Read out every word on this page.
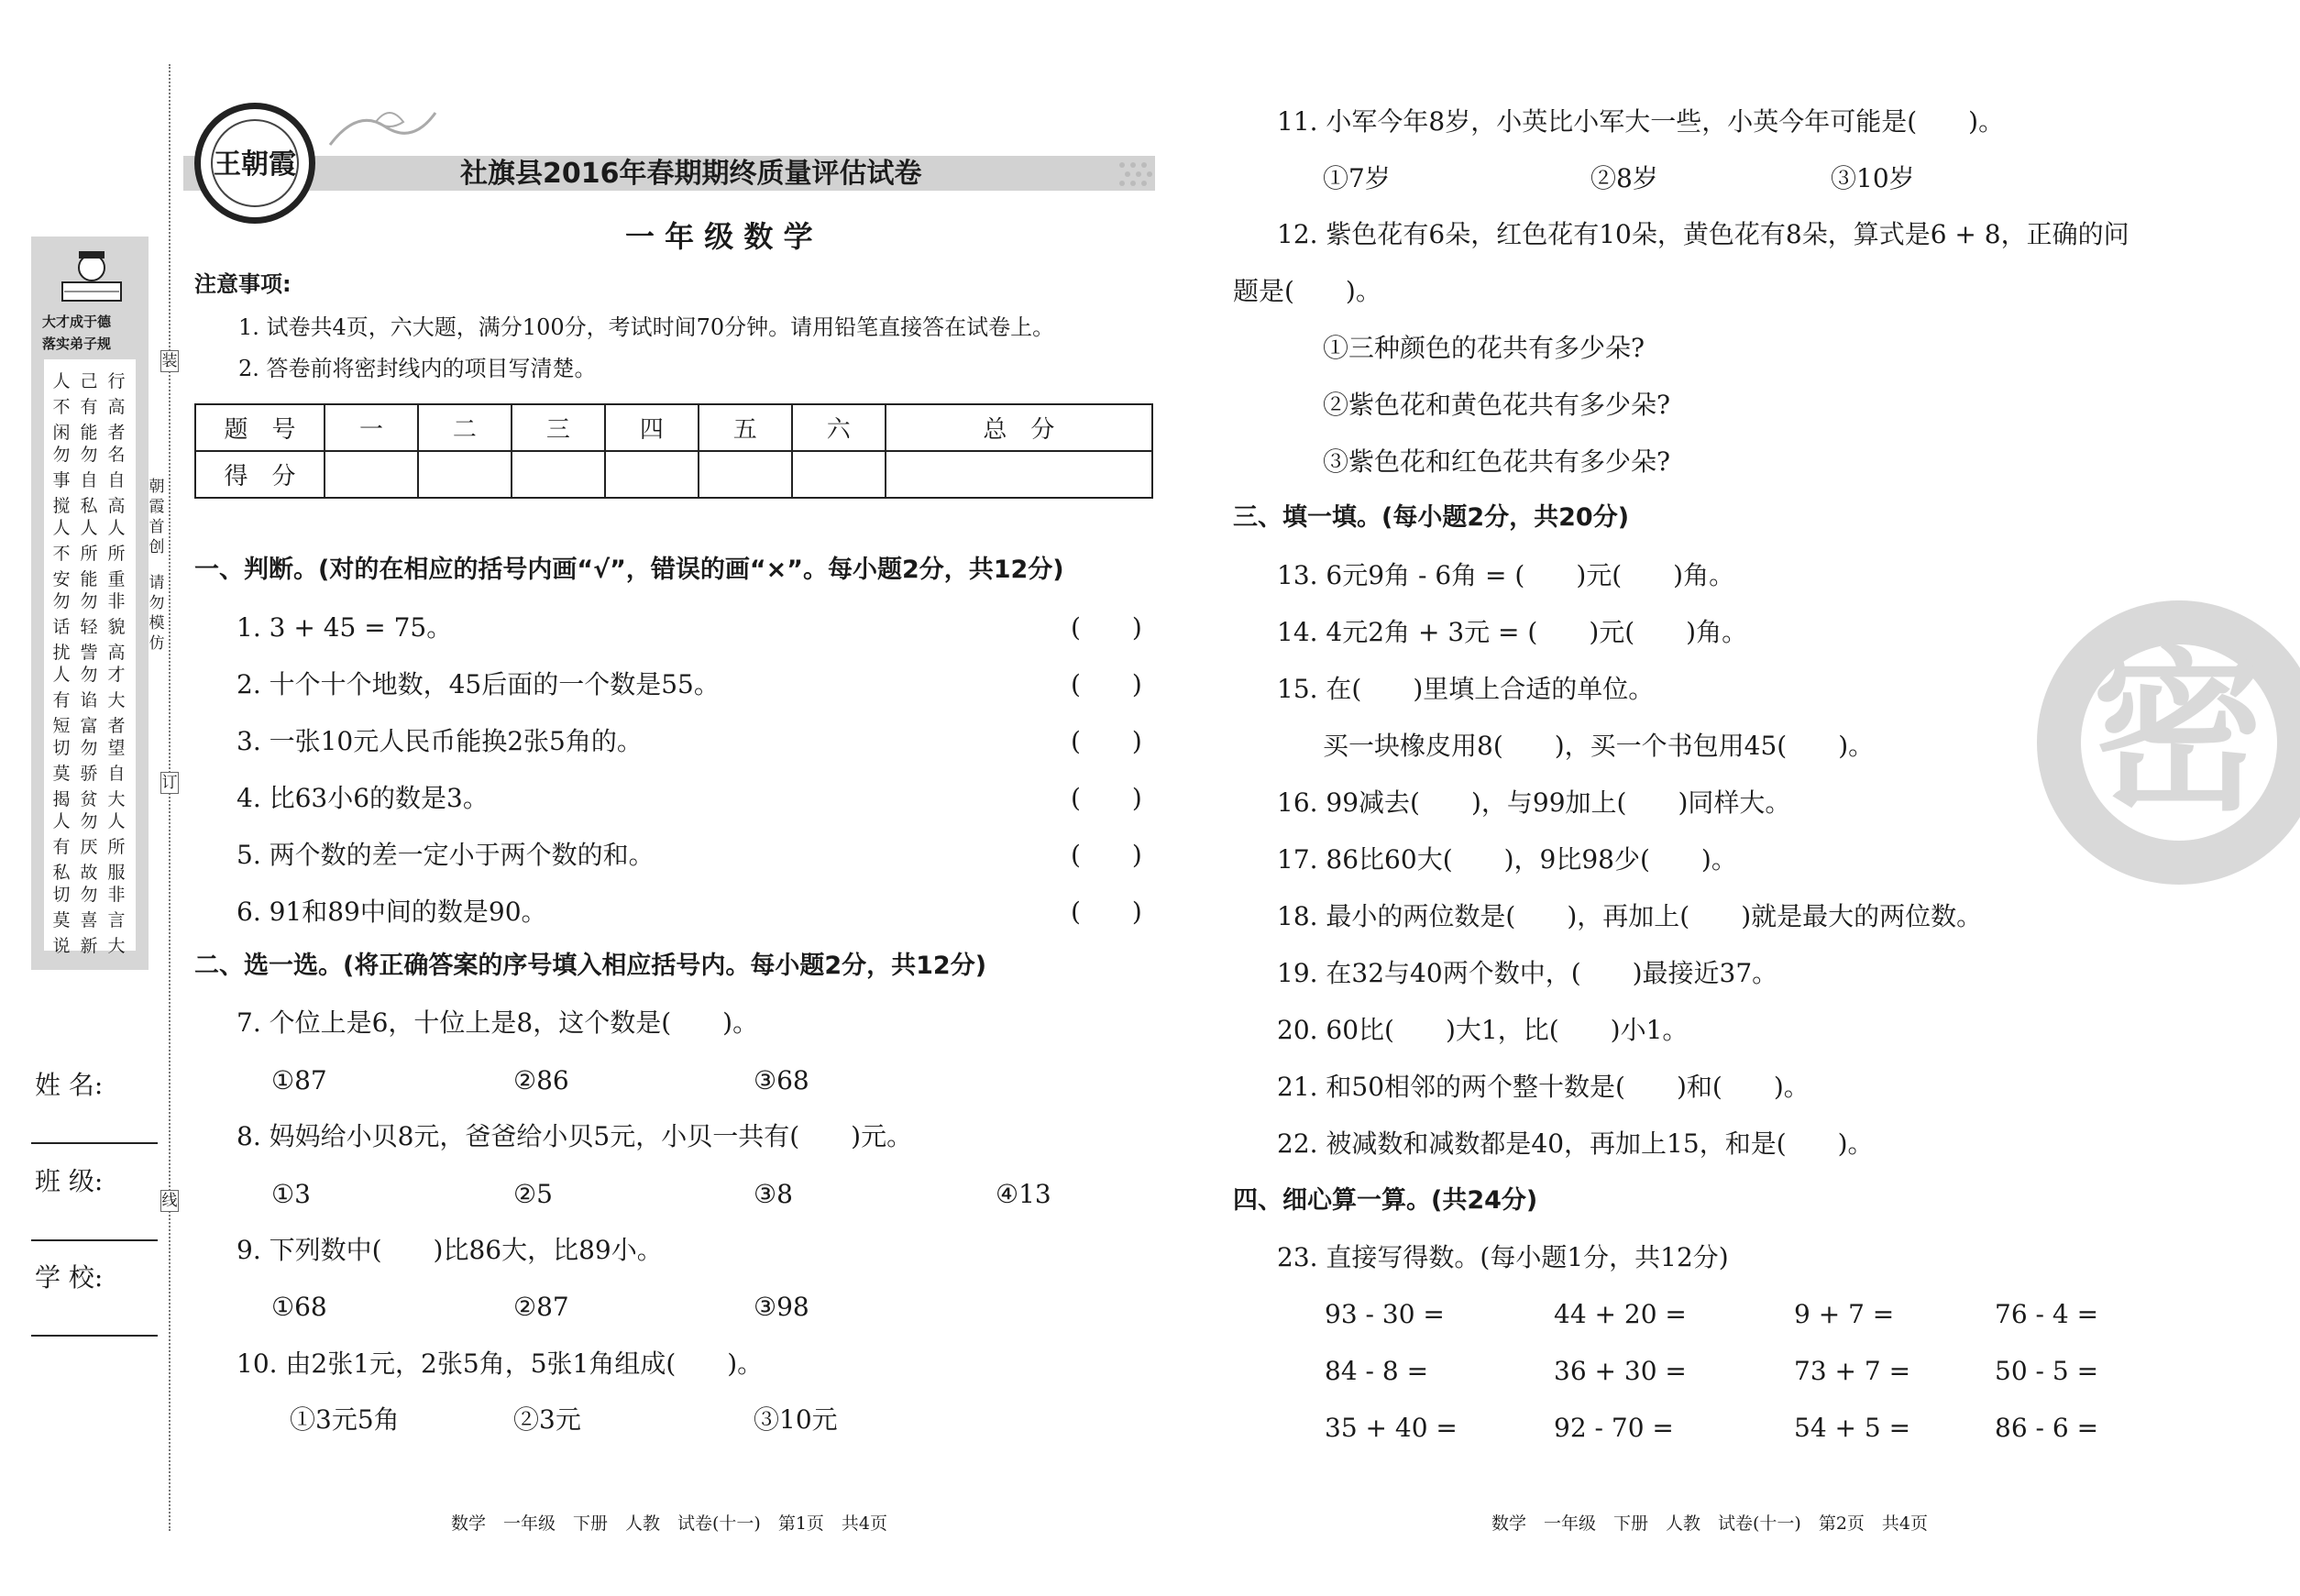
大才成于德
落实弟子规
人
不
闲
己
有
能
行
高
者
勿
事
搅
勿
自
私
名
自
高
人
不
安
人
所
能
人
所
重
勿
话
扰
勿
轻
訾
非
貌
高
人
有
短
勿
谄
富
才
大
者
切
莫
揭
勿
骄
贫
望
自
大
人
有
私
勿
厌
故
人
所
服
切
莫
说
勿
喜
新
非
言
大
装
订
线
朝
霞
首
创
请
勿
模
仿
姓 名:
班 级:
学 校:
王朝霞	社旗县2016年春期期终质量评估试卷
一 年 级 数 学
注意事项:
1. 试卷共4页，六大题，满分100分，考试时间70分钟。请用铅笔直接答在试卷上。
2. 答卷前将密封线内的项目写清楚。
题　号	一	二	三	四	五	六	总　分
得　分							
一、判断。(对的在相应的括号内画“√”，错误的画“×”。每小题2分，共12分)
1. 3 + 45 = 75。	(　　)
2. 十个十个地数，45后面的一个数是55。	(　　)
3. 一张10元人民币能换2张5角的。	(　　)
4. 比63小6的数是3。	(　　)
5. 两个数的差一定小于两个数的和。	(　　)
6. 91和89中间的数是90。	(　　)
二、选一选。(将正确答案的序号填入相应括号内。每小题2分，共12分)
7. 个位上是6，十位上是8，这个数是(　　)。
①87	②86	③68
8. 妈妈给小贝8元，爸爸给小贝5元，小贝一共有(　　)元。
①3	②5	③8	④13
9. 下列数中(　　)比86大，比89小。
①68	②87	③98
10. 由2张1元，2张5角，5张1角组成(　　)。
①3元5角	②3元	③10元
数学　一年级　下册　人教　试卷(十一)　第1页　共4页
密
11. 小军今年8岁，小英比小军大一些，小英今年可能是(　　)。
①7岁	②8岁	③10岁
12. 紫色花有6朵，红色花有10朵，黄色花有8朵，算式是6 + 8，正确的问
题是(　　)。
①三种颜色的花共有多少朵?
②紫色花和黄色花共有多少朵?
③紫色花和红色花共有多少朵?
三、填一填。(每小题2分，共20分)
13. 6元9角 - 6角 = (　　)元(　　)角。
14. 4元2角 + 3元 = (　　)元(　　)角。
15. 在(　　)里填上合适的单位。
买一块橡皮用8(　　)，买一个书包用45(　　)。
16. 99减去(　　)，与99加上(　　)同样大。
17. 86比60大(　　)，9比98少(　　)。
18. 最小的两位数是(　　)，再加上(　　)就是最大的两位数。
19. 在32与40两个数中，(　　)最接近37。
20. 60比(　　)大1，比(　　)小1。
21. 和50相邻的两个整十数是(　　)和(　　)。
22. 被减数和减数都是40，再加上15，和是(　　)。
四、细心算一算。(共24分)
23. 直接写得数。(每小题1分，共12分)
93 - 30 =	44 + 20 =	9 + 7 =	76 - 4 =
84 - 8 =	36 + 30 =	73 + 7 =	50 - 5 =
35 + 40 =	92 - 70 =	54 + 5 =	86 - 6 =
数学　一年级　下册　人教　试卷(十一)　第2页　共4页
